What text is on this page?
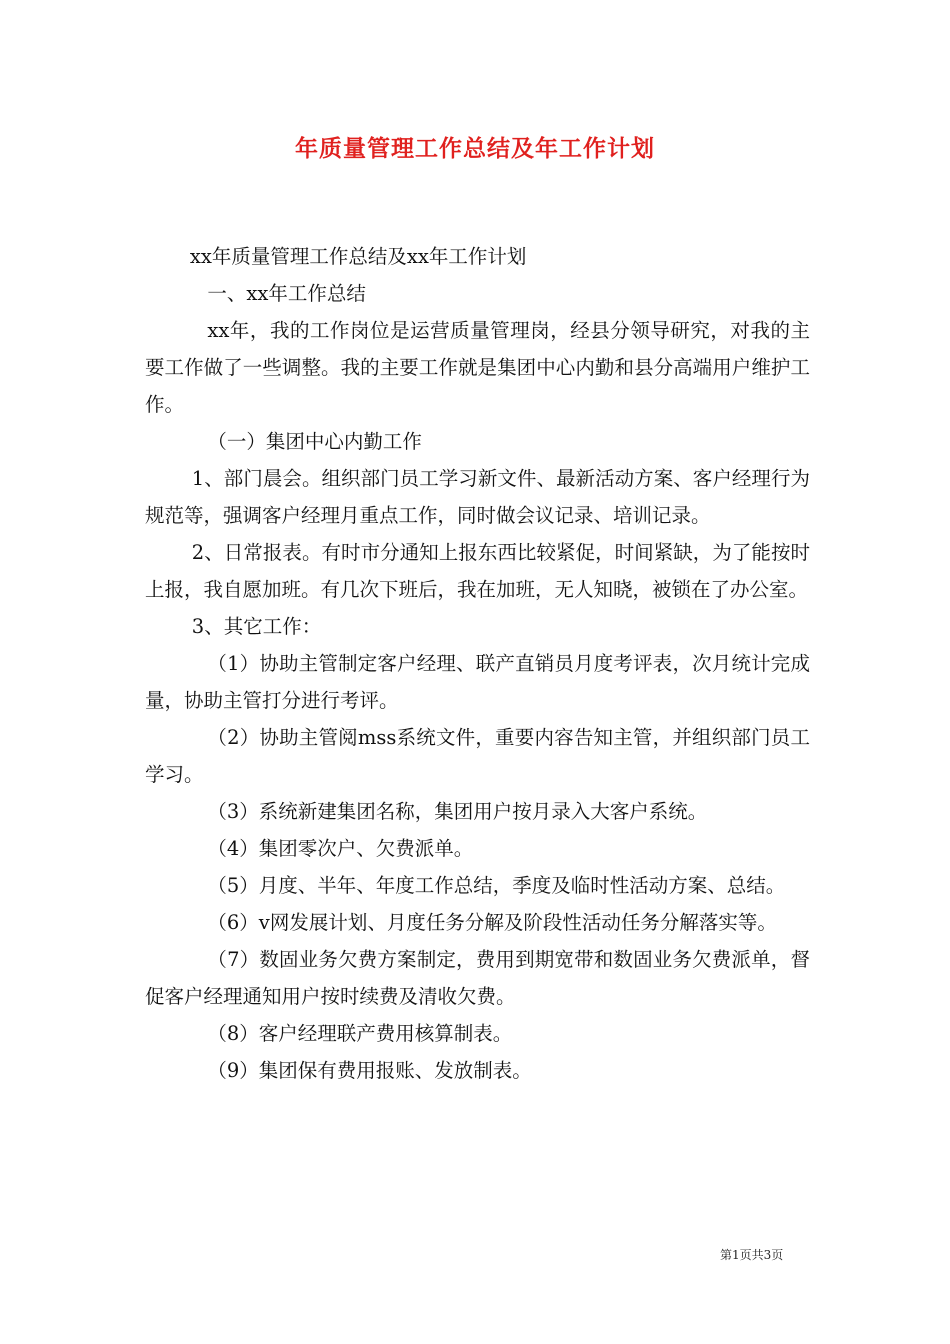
年质量管理工作总结及年工作计划

xx年质量管理工作总结及xx年工作计划

一、xx年工作总结

xx年，我的工作岗位是运营质量管理岗，经县分领导研究，对我的主要工作做了一些调整。我的主要工作就是集团中心内勤和县分高端用户维护工作。

（一）集团中心内勤工作

1、部门晨会。组织部门员工学习新文件、最新活动方案、客户经理行为规范等，强调客户经理月重点工作，同时做会议记录、培训记录。

2、日常报表。有时市分通知上报东西比较紧促，时间紧缺，为了能按时上报，我自愿加班。有几次下班后，我在加班，无人知晓，被锁在了办公室。

3、其它工作：

（1）协助主管制定客户经理、联产直销员月度考评表，次月统计完成量，协助主管打分进行考评。

（2）协助主管阅mss系统文件，重要内容告知主管，并组织部门员工学习。

（3）系统新建集团名称，集团用户按月录入大客户系统。

（4）集团零次户、欠费派单。

（5）月度、半年、年度工作总结，季度及临时性活动方案、总结。

（6）v网发展计划、月度任务分解及阶段性活动任务分解落实等。

（7）数固业务欠费方案制定，费用到期宽带和数固业务欠费派单，督促客户经理通知用户按时续费及清收欠费。

（8）客户经理联产费用核算制表。

（9）集团保有费用报账、发放制表。

第1页共3页
